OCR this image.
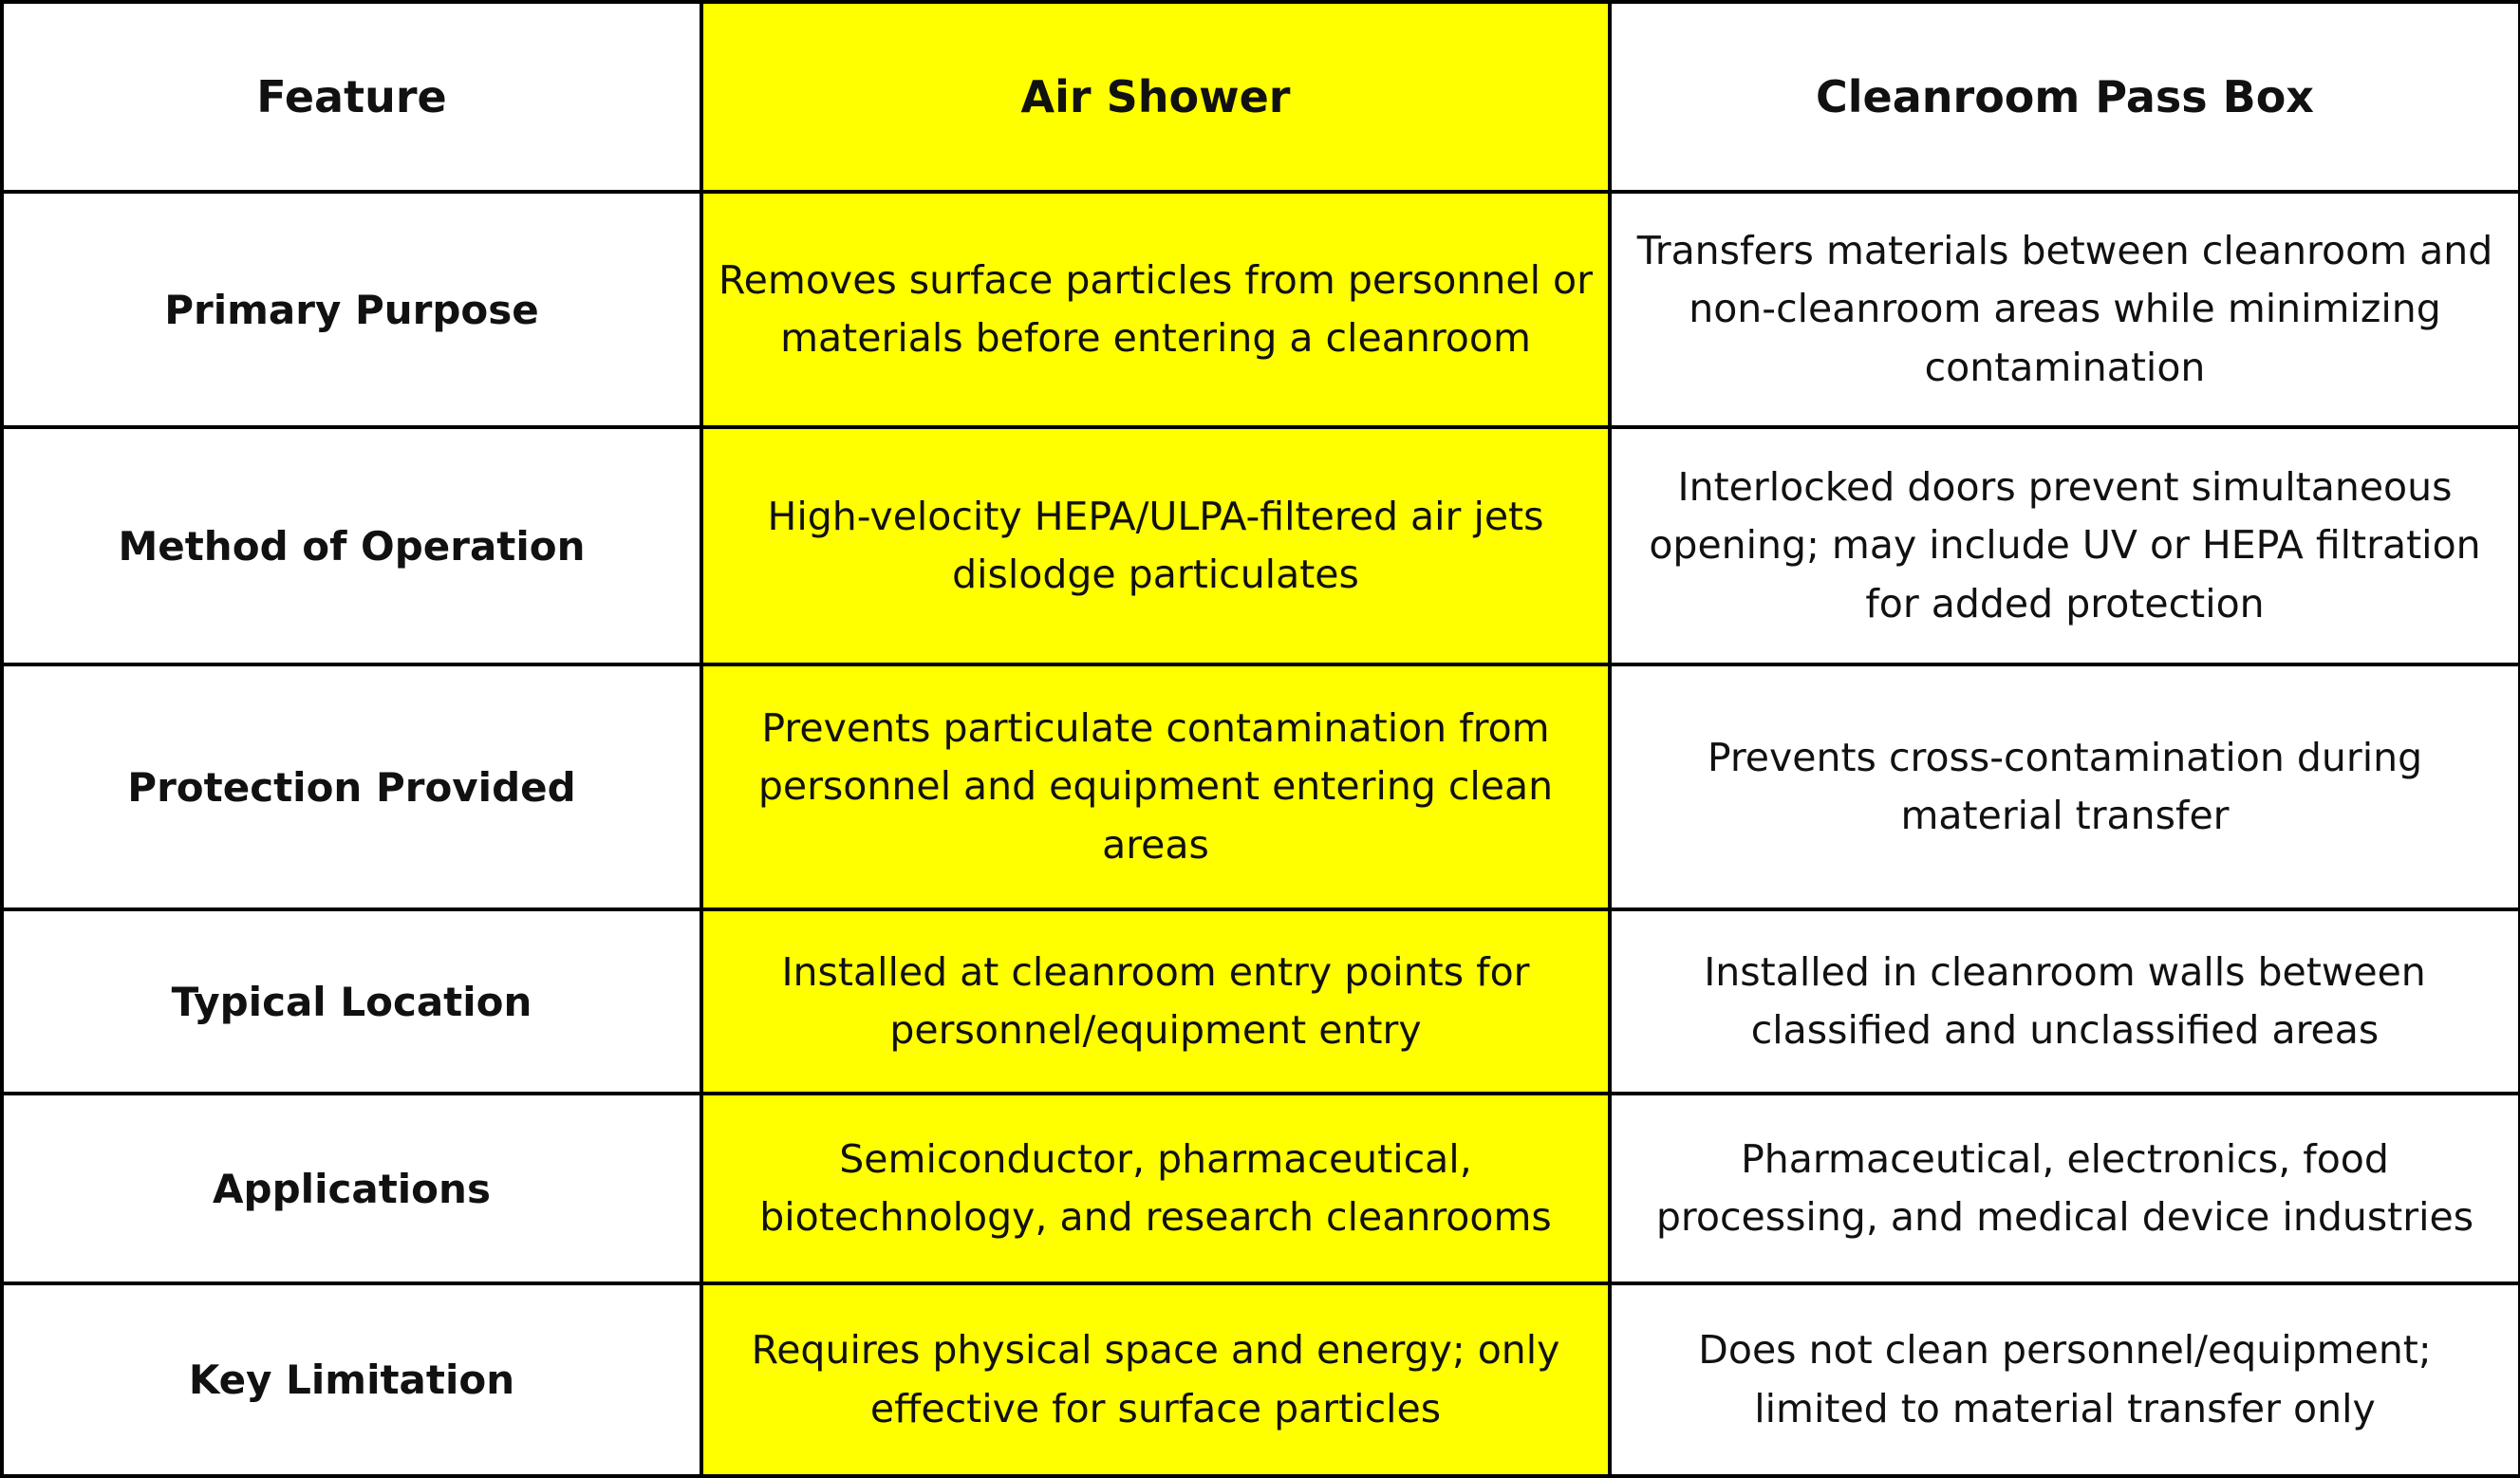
Feature	Air Shower	Cleanroom Pass Box
Primary Purpose	Removes surface particles from personnel or materials before entering a cleanroom	Transfers materials between cleanroom and non-cleanroom areas while minimizing contamination
Method of Operation	High-velocity HEPA/ULPA-filtered air jets dislodge particulates	Interlocked doors prevent simultaneous opening; may include UV or HEPA filtration for added protection
Protection Provided	Prevents particulate contamination from personnel and equipment entering clean areas	Prevents cross-contamination during material transfer
Typical Location	Installed at cleanroom entry points for personnel/equipment entry	Installed in cleanroom walls between classified and unclassified areas
Applications	Semiconductor, pharmaceutical, biotechnology, and research cleanrooms	Pharmaceutical, electronics, food processing, and medical device industries
Key Limitation	Requires physical space and energy; only effective for surface particles	Does not clean personnel/equipment; limited to material transfer only
